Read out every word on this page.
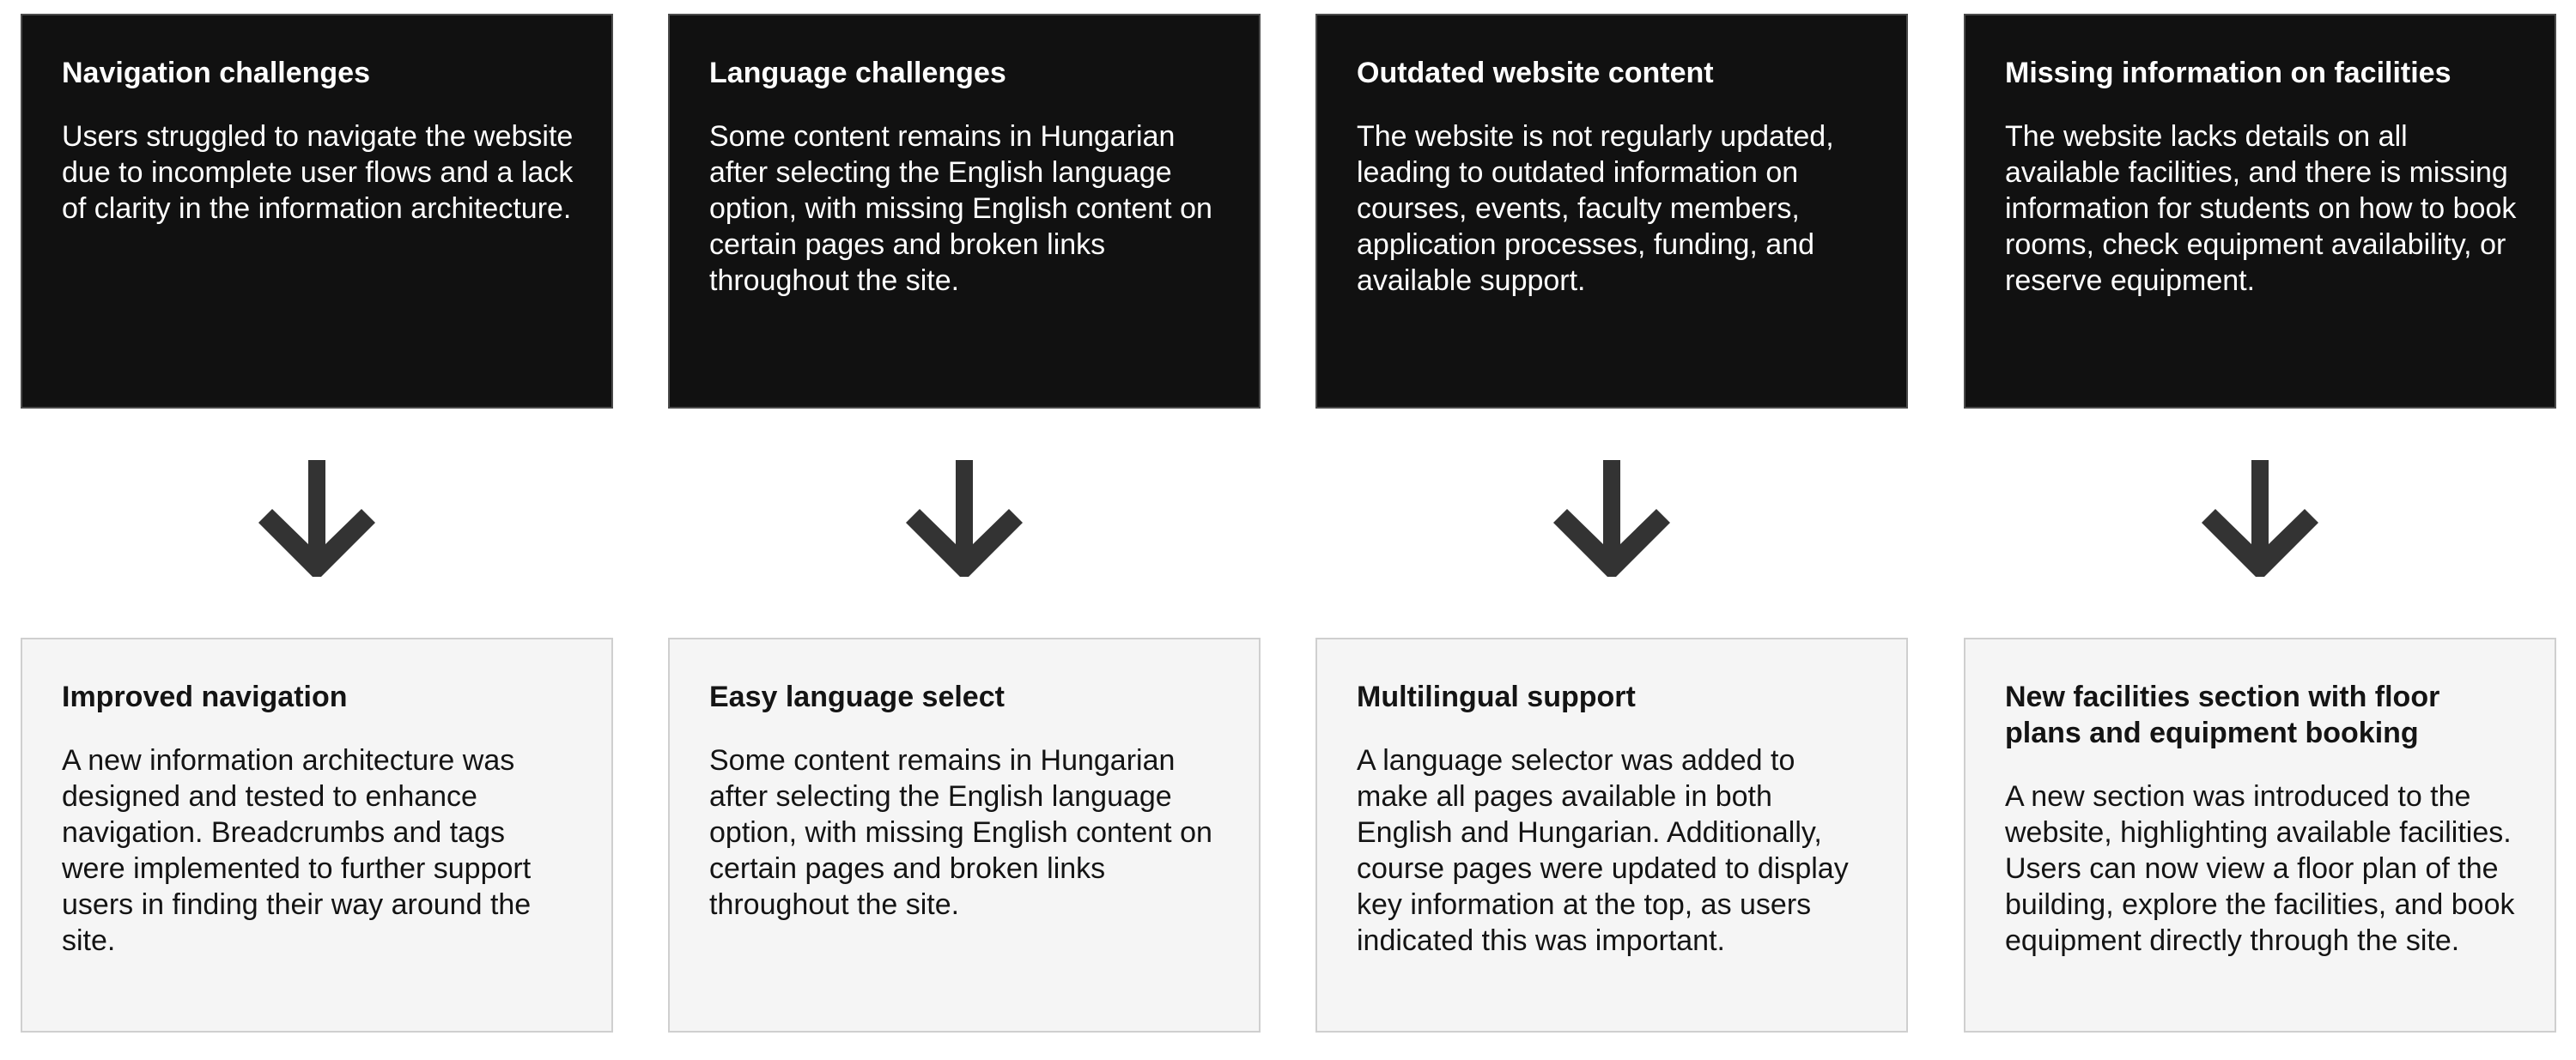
Navigation challenges

Users struggled to navigate the website due to incomplete user flows and a lack of clarity in the information architecture.

Improved navigation

A new information architecture was designed and tested to enhance navigation. Breadcrumbs and tags were implemented to further support users in finding their way around the site.

Language challenges

Some content remains in Hungarian after selecting the English language option, with missing English content on certain pages and broken links throughout the site.

Easy language select

Some content remains in Hungarian after selecting the English language option, with missing English content on certain pages and broken links throughout the site.

Outdated website content

The website is not regularly updated, leading to outdated information on courses, events, faculty members, application processes, funding, and available support.

Multilingual support

A language selector was added to make all pages available in both English and Hungarian. Additionally, course pages were updated to display key information at the top, as users indicated this was important.

Missing information on facilities

The website lacks details on all available facilities, and there is missing information for students on how to book rooms, check equipment availability, or reserve equipment.

New facilities section with floor plans and equipment booking

A new section was introduced to the website, highlighting available facilities. Users can now view a floor plan of the building, explore the facilities, and book equipment directly through the site.
